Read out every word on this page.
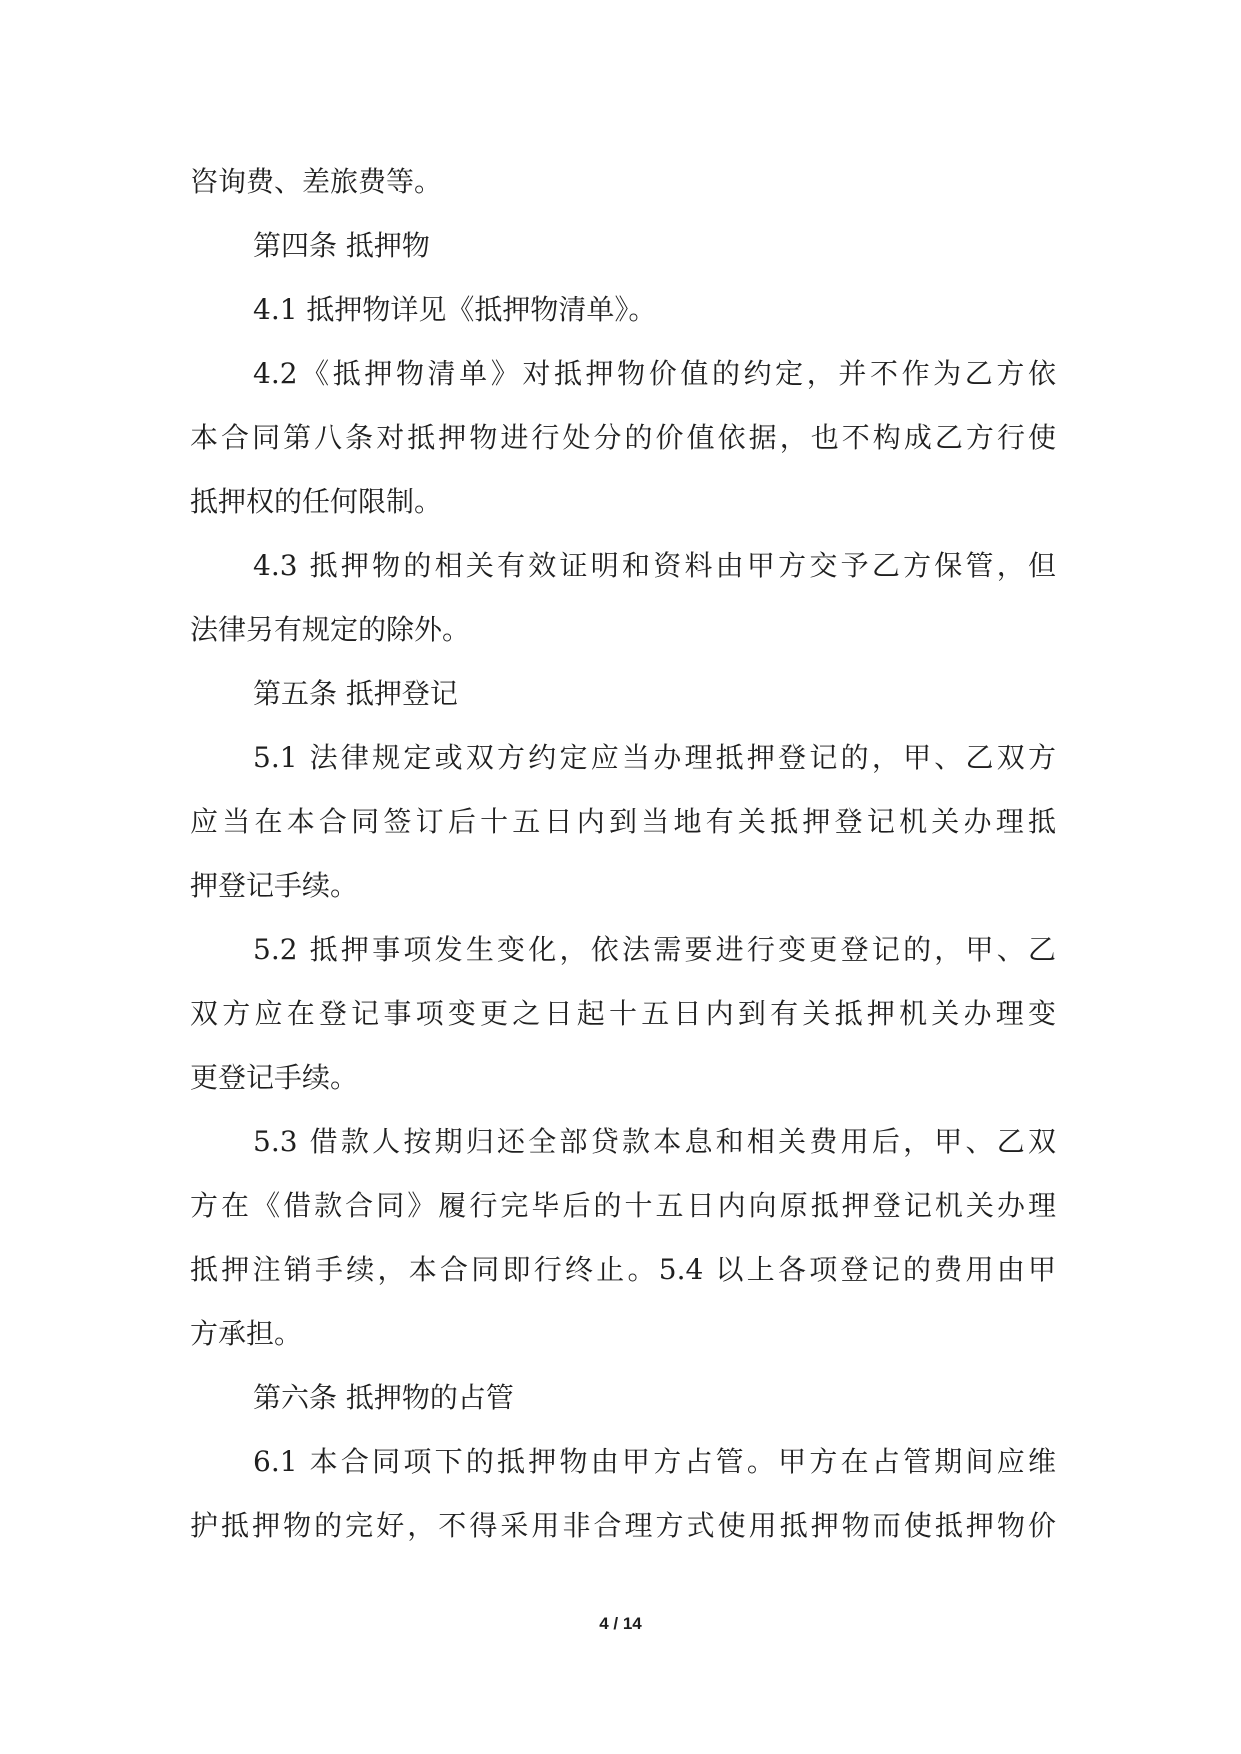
咨询费、差旅费等。
第四条 抵押物
4.1 抵押物详见《抵押物清单》。
4.2《抵押物清单》对抵押物价值的约定，并不作为乙方依
本合同第八条对抵押物进行处分的价值依据，也不构成乙方行使
抵押权的任何限制。
4.3 抵押物的相关有效证明和资料由甲方交予乙方保管，但
法律另有规定的除外。
第五条 抵押登记
5.1 法律规定或双方约定应当办理抵押登记的，甲、乙双方
应当在本合同签订后十五日内到当地有关抵押登记机关办理抵
押登记手续。
5.2 抵押事项发生变化，依法需要进行变更登记的，甲、乙
双方应在登记事项变更之日起十五日内到有关抵押机关办理变
更登记手续。
5.3 借款人按期归还全部贷款本息和相关费用后，甲、乙双
方在《借款合同》履行完毕后的十五日内向原抵押登记机关办理
抵押注销手续，本合同即行终止。5.4 以上各项登记的费用由甲
方承担。
第六条 抵押物的占管
6.1 本合同项下的抵押物由甲方占管。甲方在占管期间应维
护抵押物的完好，不得采用非合理方式使用抵押物而使抵押物价
4 / 14
